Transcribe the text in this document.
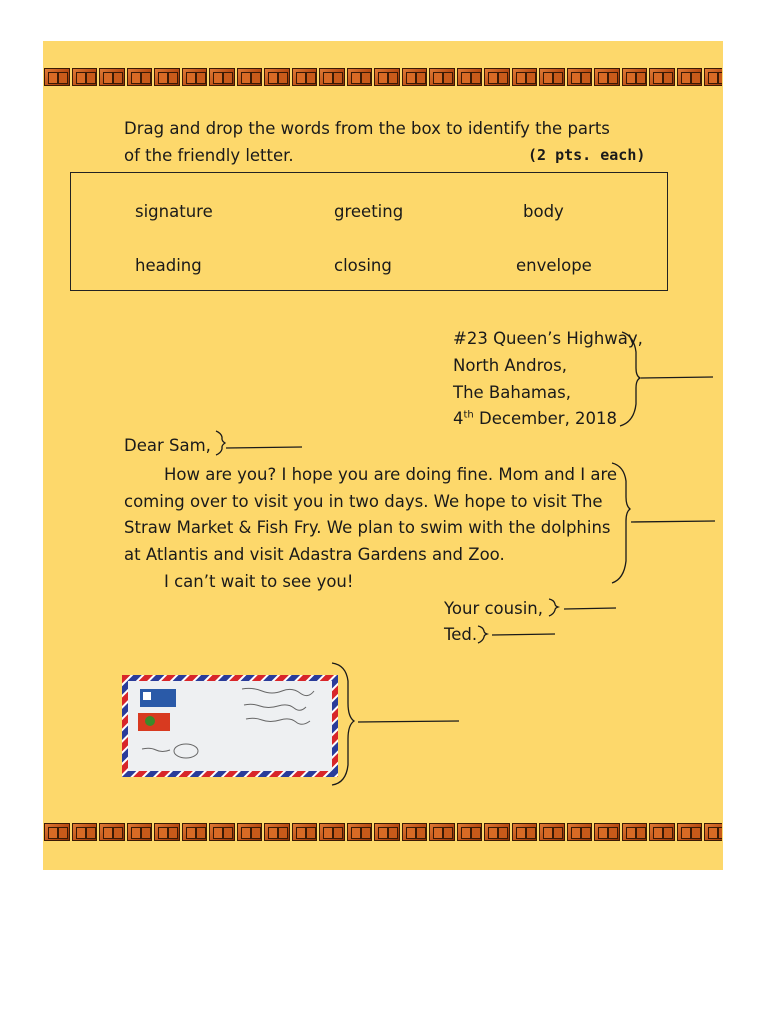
Drag and drop the words from the box to identify the parts
of the friendly letter.	(2 pts. each)
signature	greeting	body
heading	closing	envelope
#23 Queen’s Highway,
North Andros,
The Bahamas,
4th December, 2018
Dear Sam,
How are you? I hope you are doing fine. Mom and I are
coming over to visit you in two days. We hope to visit The
Straw Market & Fish Fry. We plan to swim with the dolphins
at Atlantis and visit Adastra Gardens and Zoo.
I can’t wait to see you!
Your cousin,
Ted.
